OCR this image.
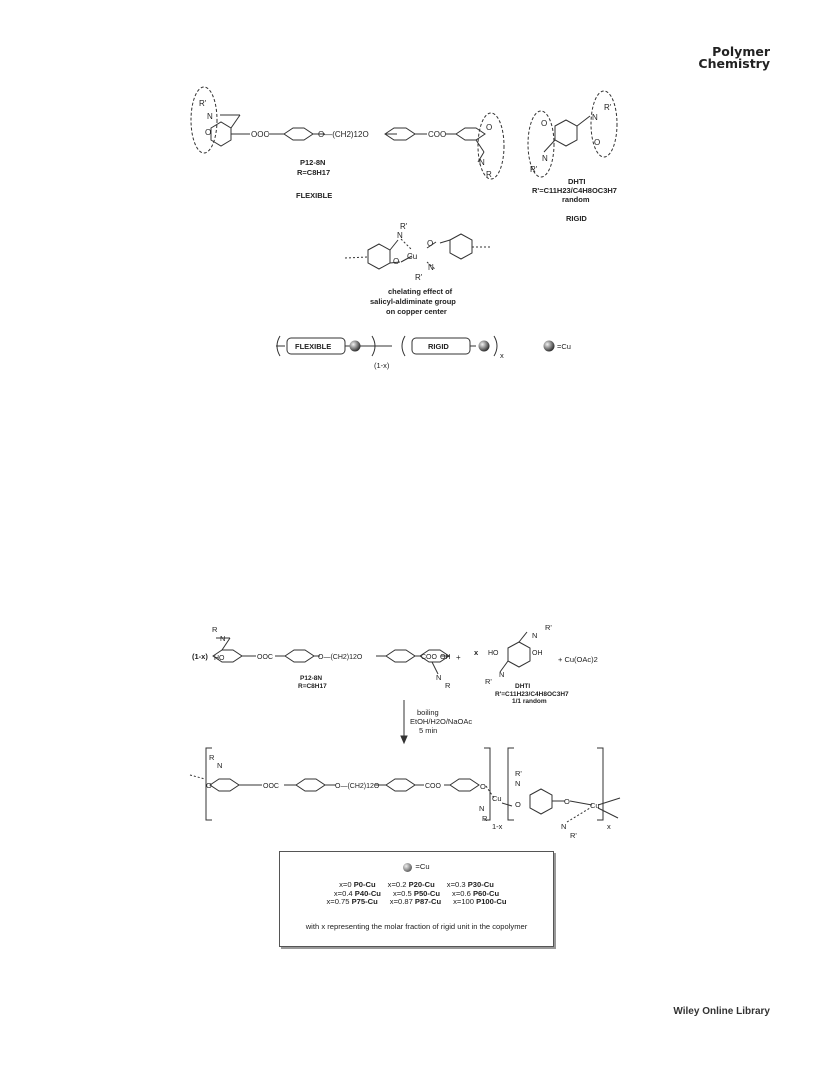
Polymer
Chemistry
R'
N
O	OOC	O—(CH2)12O	COO
O
N
R
P12-8N
R=C8H17
FLEXIBLE
R'
N
O
O
N
R'
DHTI
R'=C11H23/C4H8OC3H7
random
RIGID
N
R'
Cu
O
O
N
R'
chelating effect of
salicyl-aldiminate group
on copper center
FLEXIBLE	RIGID
(1-x)
x
=Cu
(1-x)
R
N
HO	OOC	O—(CH2)12O	COO OH
N
R
P12-8N
R=C8H17
+
x
R'
N
HO	OH
N
R'
+ Cu(OAc)2
DHTI
R'=C11H23/C4H8OC3H7
1/1 random
boiling
EtOH/H2O/NaOAc
5 min
N
R
O	OOC	O—(CH2)12O	COO	O
Cu
N
R
1-x
R'
N
O	O	Cu
N
R'
x
=Cu
x=0 P0-Cu x=0.2 P20-Cu x=0.3 P30-Cu
x=0.4 P40-Cu x=0.5 P50-Cu x=0.6 P60-Cu
x=0.75 P75-Cu x=0.87 P87-Cu x=100 P100-Cu
with x representing the molar fraction of rigid unit in the copolymer
Wiley Online Library
